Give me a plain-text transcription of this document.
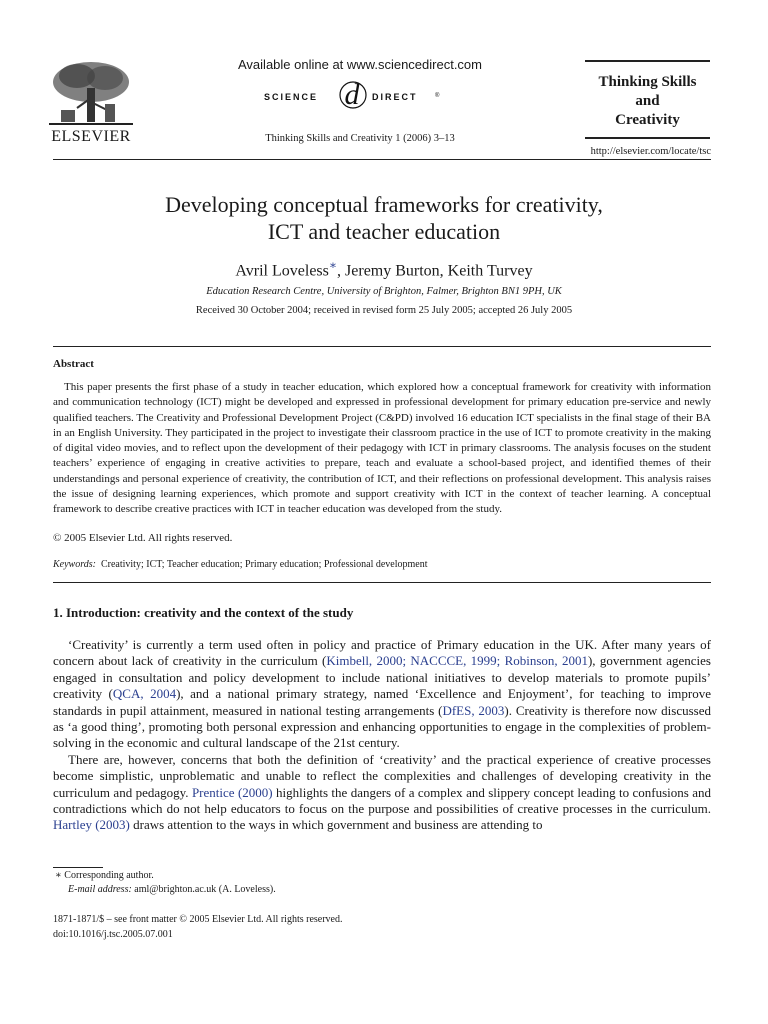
ELSEVIER
Available online at www.sciencedirect.com
SCIENCE d DIRECT	®
Thinking Skills and Creativity 1 (2006) 3–13
Thinking Skills
and
Creativity
http://elsevier.com/locate/tsc
Developing conceptual frameworks for creativity,
ICT and teacher education
Avril Loveless∗, Jeremy Burton, Keith Turvey
Education Research Centre, University of Brighton, Falmer, Brighton BN1 9PH, UK
Received 30 October 2004; received in revised form 25 July 2005; accepted 26 July 2005
Abstract

This paper presents the first phase of a study in teacher education, which explored how a conceptual framework for creativity with information and communication technology (ICT) might be developed and expressed in professional development for primary education pre-service and newly qualified teachers. The Creativity and Professional Development Project (C&PD) involved 16 education ICT specialists in the final stage of their BA in an English University. They participated in the project to investigate their classroom practice in the use of ICT to promote creativity in the making of digital video movies, and to reflect upon the development of their pedagogy with ICT in primary classrooms. The analysis focuses on the student teachers’ experience of engaging in creative activities to prepare, teach and evaluate a school-based project, and identified themes of their understandings and personal experience of creativity, the contribution of ICT, and their reflections on professional development. This analysis raises the issue of designing learning experiences, which promote and support creativity with ICT in the context of teacher learning. A conceptual framework to describe creative practices with ICT in teacher education was developed from the study.

© 2005 Elsevier Ltd. All rights reserved.
Keywords: Creativity; ICT; Teacher education; Primary education; Professional development
1. Introduction: creativity and the context of the study

‘Creativity’ is currently a term used often in policy and practice of Primary education in the UK. After many years of concern about lack of creativity in the curriculum (Kimbell, 2000; NACCCE, 1999; Robinson, 2001), government agencies engaged in consultation and policy development to include national initiatives to develop materials to promote pupils’ creativity (QCA, 2004), and a national primary strategy, named ‘Excellence and Enjoyment’, for teaching to improve standards in pupil attainment, measured in national testing arrangements (DfES, 2003). Creativity is therefore now discussed as ‘a good thing’, promoting both personal expression and enhancing opportunities to engage in the complexities of problem-solving in the economic and cultural landscape of the 21st century.

There are, however, concerns that both the definition of ‘creativity’ and the practical experience of creative processes become simplistic, unproblematic and unable to reflect the complexities and challenges of developing creativity in the curriculum and pedagogy. Prentice (2000) highlights the dangers of a complex and slippery concept leading to confusions and contradictions which do not help educators to focus on the purpose and possibilities of creative processes in the curriculum. Hartley (2003) draws attention to the ways in which government and business are attending to

∗ Corresponding author.
E-mail address: aml@brighton.ac.uk (A. Loveless).
1871-1871/$ – see front matter © 2005 Elsevier Ltd. All rights reserved.
doi:10.1016/j.tsc.2005.07.001
